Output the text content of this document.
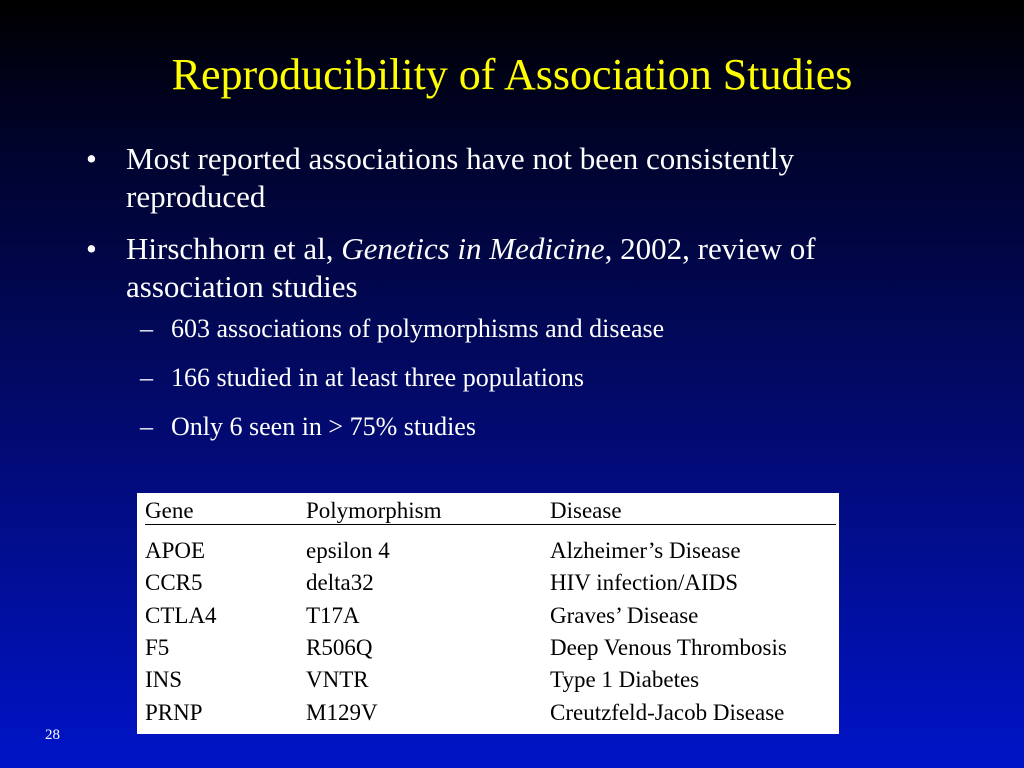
Reproducibility of Association Studies
• Most reported associations have not been consistently reproduced
• Hirschhorn et al, Genetics in Medicine, 2002, review of association studies
– 603 associations of polymorphisms and disease
– 166 studied in at least three populations
– Only 6 seen in > 75% studies
Gene	Polymorphism	Disease
APOE	epsilon 4	Alzheimer’s Disease
CCR5	delta32	HIV infection/AIDS
CTLA4	T17A	Graves’ Disease
F5	R506Q	Deep Venous Thrombosis
INS	VNTR	Type 1 Diabetes
PRNP	M129V	Creutzfeld-Jacob Disease
28
